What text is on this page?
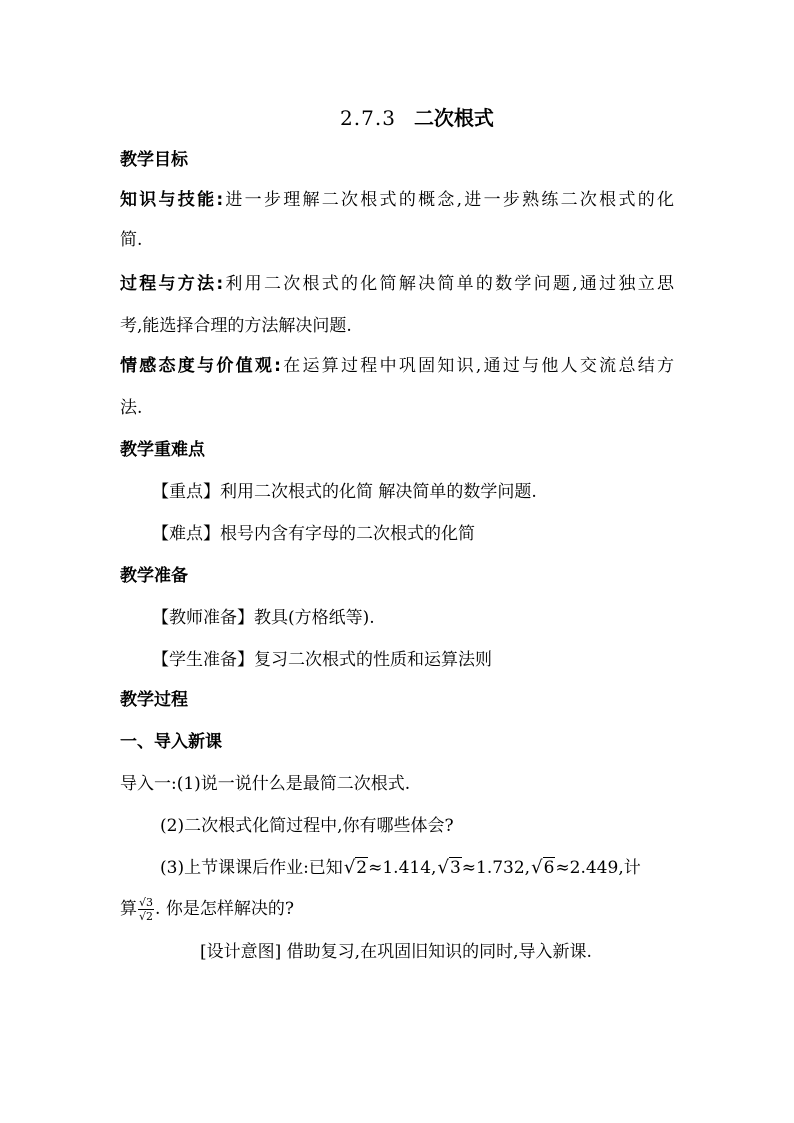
2.7.3 二次根式
教学目标
知识与技能:进一步理解二次根式的概念,进一步熟练二次根式的化
简.
过程与方法:利用二次根式的化简解决简单的数学问题,通过独立思
考,能选择合理的方法解决问题.
情感态度与价值观:在运算过程中巩固知识,通过与他人交流总结方
法.
教学重难点
【重点】利用二次根式的化简 解决简单的数学问题.
【难点】根号内含有字母的二次根式的化简
教学准备
【教师准备】教具(方格纸等).
【学生准备】复习二次根式的性质和运算法则
教学过程
一、导入新课
导入一:(1)说一说什么是最简二次根式.
(2)二次根式化简过程中,你有哪些体会?
(3)上节课课后作业:已知√2≈1.414,√3≈1.732,√6≈2.449,计
算 $\frac{√3}{√2}$ . 你是怎样解决的?
[设计意图] 借助复习,在巩固旧知识的同时,导入新课.
